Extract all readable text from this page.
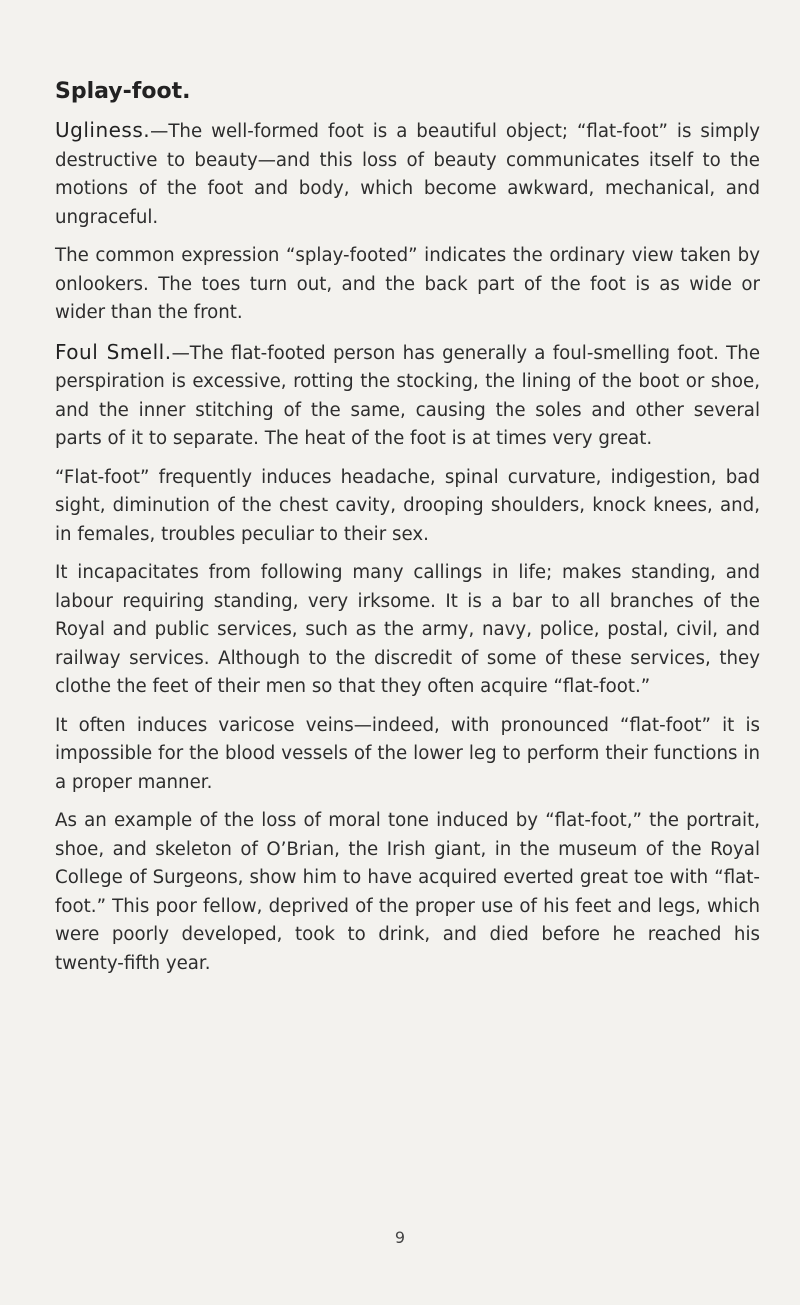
Splay-foot.

Ugliness.—The well-formed foot is a beautiful object; “flat-foot” is simply destructive to beauty—and this loss of beauty communicates itself to the motions of the foot and body, which become awkward, mechanical, and ungraceful.

The common expression “splay-footed” indicates the ordinary view taken by onlookers. The toes turn out, and the back part of the foot is as wide or wider than the front.

Foul Smell.—The flat-footed person has generally a foul-smelling foot. The perspiration is excessive, rotting the stocking, the lining of the boot or shoe, and the inner stitching of the same, causing the soles and other several parts of it to separate. The heat of the foot is at times very great.

“Flat-foot” frequently induces headache, spinal curvature, indigestion, bad sight, diminution of the chest cavity, drooping shoulders, knock knees, and, in females, troubles peculiar to their sex.

It incapacitates from following many callings in life; makes standing, and labour requiring standing, very irksome. It is a bar to all branches of the Royal and public services, such as the army, navy, police, postal, civil, and railway services. Although to the discredit of some of these services, they clothe the feet of their men so that they often acquire “flat-foot.”

It often induces varicose veins—indeed, with pronounced “flat-foot” it is impossible for the blood vessels of the lower leg to perform their functions in a proper manner.

As an example of the loss of moral tone induced by “flat-foot,” the portrait, shoe, and skeleton of O’Brian, the Irish giant, in the museum of the Royal College of Surgeons, show him to have acquired everted great toe with “flat-foot.” This poor fellow, deprived of the proper use of his feet and legs, which were poorly developed, took to drink, and died before he reached his twenty-fifth year.

9
